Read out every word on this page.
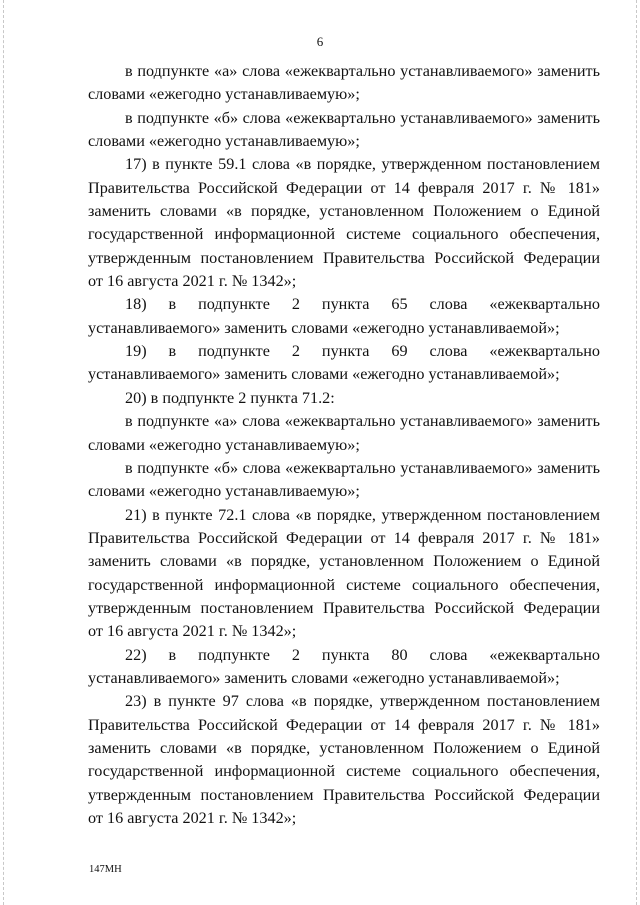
6
в подпункте «а» слова «ежеквартально устанавливаемого» заменить
словами «ежегодно устанавливаемую»;
в подпункте «б» слова «ежеквартально устанавливаемого» заменить
словами «ежегодно устанавливаемую»;
17) в пункте 59.1 слова «в порядке, утвержденном постановлением
Правительства Российской Федерации от 14 февраля 2017 г. № 181»
заменить словами «в порядке, установленном Положением о Единой
государственной информационной системе социального обеспечения,
утвержденным постановлением Правительства Российской Федерации
от 16 августа 2021 г. № 1342»;
18) в подпункте 2 пункта 65 слова «ежеквартально
устанавливаемого» заменить словами «ежегодно устанавливаемой»;
19) в подпункте 2 пункта 69 слова «ежеквартально
устанавливаемого» заменить словами «ежегодно устанавливаемой»;
20) в подпункте 2 пункта 71.2:
в подпункте «а» слова «ежеквартально устанавливаемого» заменить
словами «ежегодно устанавливаемую»;
в подпункте «б» слова «ежеквартально устанавливаемого» заменить
словами «ежегодно устанавливаемую»;
21) в пункте 72.1 слова «в порядке, утвержденном постановлением
Правительства Российской Федерации от 14 февраля 2017 г. № 181»
заменить словами «в порядке, установленном Положением о Единой
государственной информационной системе социального обеспечения,
утвержденным постановлением Правительства Российской Федерации
от 16 августа 2021 г. № 1342»;
22) в подпункте 2 пункта 80 слова «ежеквартально
устанавливаемого» заменить словами «ежегодно устанавливаемой»;
23) в пункте 97 слова «в порядке, утвержденном постановлением
Правительства Российской Федерации от 14 февраля 2017 г. № 181»
заменить словами «в порядке, установленном Положением о Единой
государственной информационной системе социального обеспечения,
утвержденным постановлением Правительства Российской Федерации
от 16 августа 2021 г. № 1342»;
147МН
